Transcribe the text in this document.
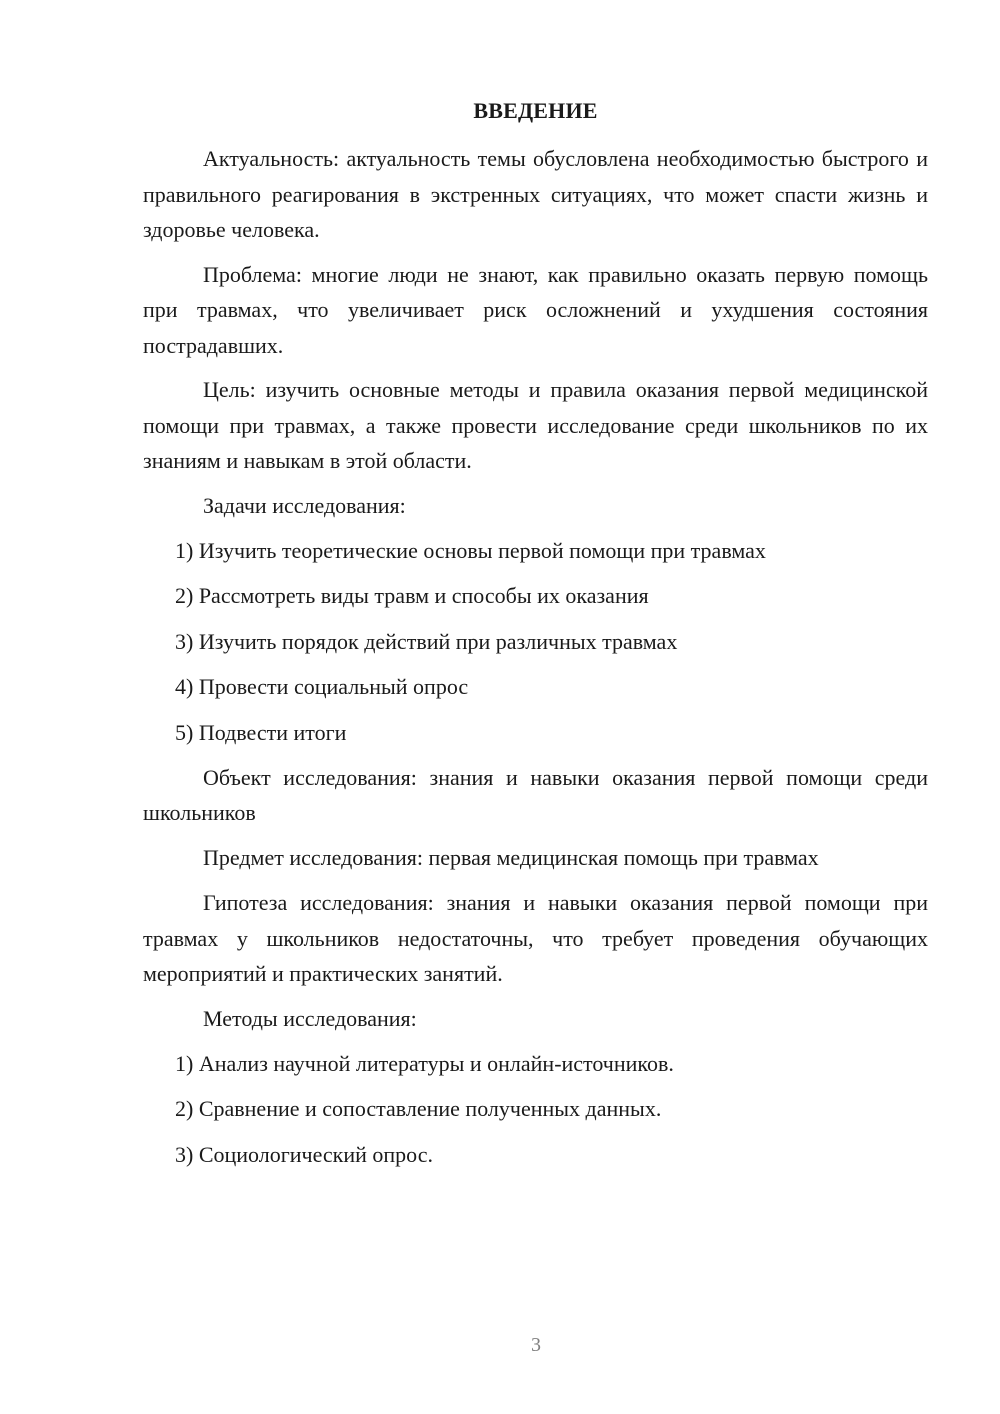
ВВЕДЕНИЕ

Актуальность: актуальность темы обусловлена необходимостью быстрого и правильного реагирования в экстренных ситуациях, что может спасти жизнь и здоровье человека.

Проблема: многие люди не знают, как правильно оказать первую помощь при травмах, что увеличивает риск осложнений и ухудшения состояния пострадавших.

Цель: изучить основные методы и правила оказания первой медицинской помощи при травмах, а также провести исследование среди школьников по их знаниям и навыкам в этой области.

Задачи исследования:

1) Изучить теоретические основы первой помощи при травмах
2) Рассмотреть виды травм и способы их оказания
3) Изучить порядок действий при различных травмах
4) Провести социальный опрос
5) Подвести итоги

Объект исследования: знания и навыки оказания первой помощи среди школьников

Предмет исследования: первая медицинская помощь при травмах

Гипотеза исследования: знания и навыки оказания первой помощи при травмах у школьников недостаточны, что требует проведения обучающих мероприятий и практических занятий.

Методы исследования:

1) Анализ научной литературы и онлайн-источников.
2) Сравнение и сопоставление полученных данных.
3) Социологический опрос.
3
